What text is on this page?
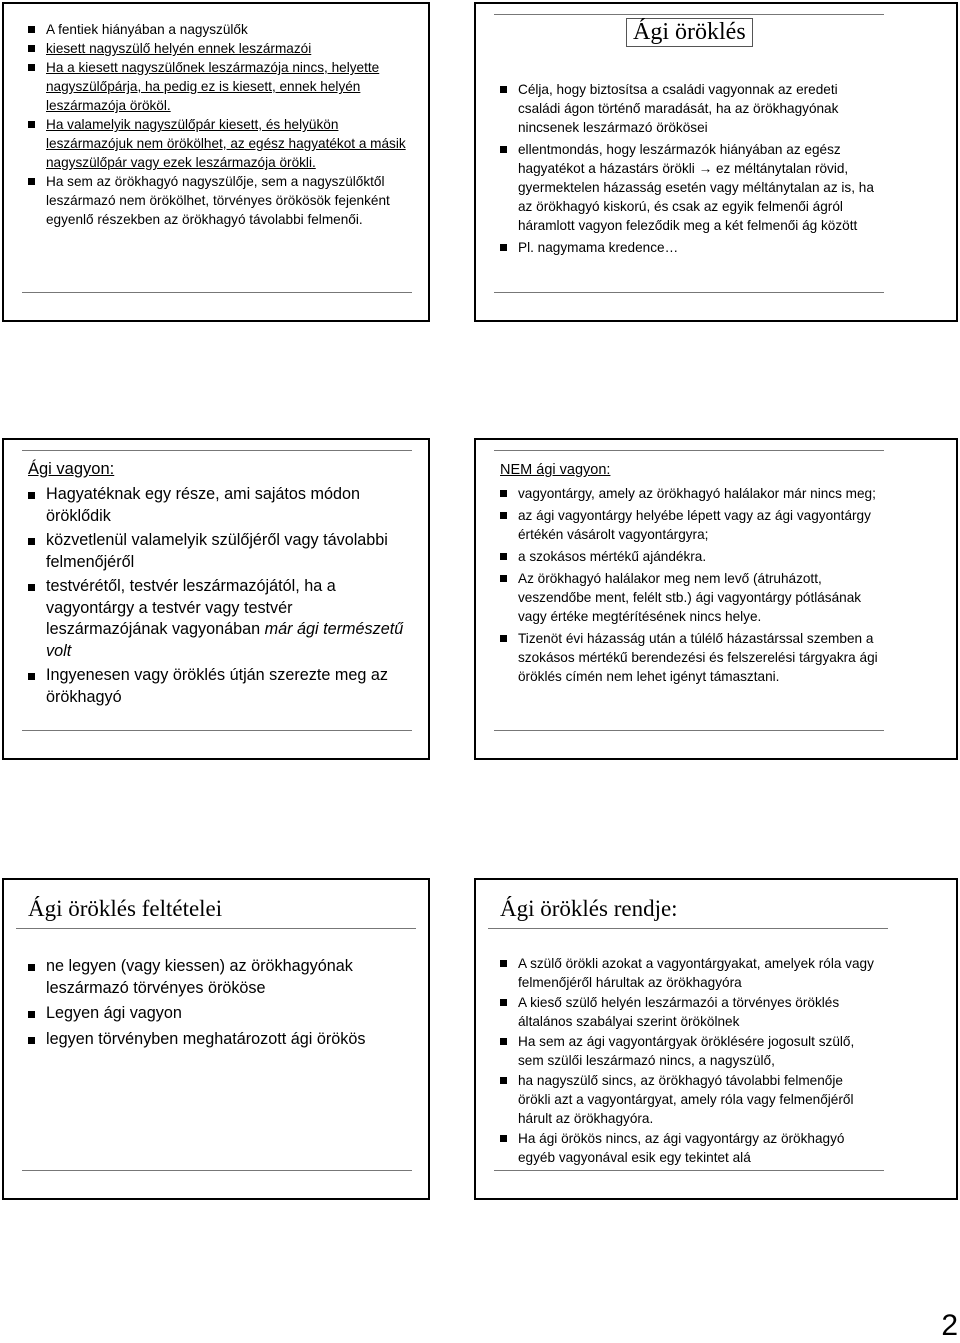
A fentiek hiányában a nagyszülők
kiesett nagyszülő helyén ennek leszármazói
Ha a kiesett nagyszülőnek leszármazója nincs, helyette nagyszülőpárja, ha pedig ez is kiesett, ennek helyén leszármazója örököl.
Ha valamelyik nagyszülőpár kiesett, és helyükön leszármazójuk nem örökölhet, az egész hagyatékot a másik nagyszülőpár vagy ezek leszármazója örökli.
Ha sem az örökhagyó nagyszülője, sem a nagyszülőktől leszármazó nem örökölhet, törvényes örökösök fejenként egyenlő részekben az örökhagyó távolabbi felmenői.
Ági öröklés
Célja, hogy biztosítsa a családi vagyonnak az eredeti családi ágon történő maradását, ha az örökhagyónak nincsenek leszármazó örökösei
ellentmondás, hogy leszármazók hiányában az egész hagyatékot a házastárs örökli → ez méltánytalan rövid, gyermektelen házasság esetén vagy méltánytalan az is, ha az örökhagyó kiskorú, és csak az egyik felmenői ágról háramlott vagyon feleződik meg a két felmenői ág között
Pl. nagymama kredence…
Ági vagyon:
Hagyatéknak egy része, ami sajátos módon öröklődik
közvetlenül valamelyik szülőjéről vagy távolabbi felmenőjéről
testvérétől, testvér leszármazójától, ha a vagyontárgy a testvér vagy testvér leszármazójának vagyonában már ági természetű volt
Ingyenesen vagy öröklés útján szerezte meg az örökhagyó
NEM ági vagyon:
vagyontárgy, amely az örökhagyó halálakor már nincs meg;
az ági vagyontárgy helyébe lépett vagy az ági vagyontárgy értékén vásárolt vagyontárgyra;
a szokásos mértékű ajándékra.
Az örökhagyó halálakor meg nem levő (átruházott, veszendőbe ment, felélt stb.) ági vagyontárgy pótlásának vagy értéke megtérítésének nincs helye.
Tizenöt évi házasság után a túlélő házastárssal szemben a szokásos mértékű berendezési és felszerelési tárgyakra ági öröklés címén nem lehet igényt támasztani.
Ági öröklés feltételei
ne legyen (vagy kiessen) az örökhagyónak leszármazó törvényes örököse
Legyen ági vagyon
legyen törvényben meghatározott ági örökös
Ági öröklés rendje:
A szülő örökli azokat a vagyontárgyakat, amelyek róla vagy felmenőjéről hárultak az örökhagyóra
A kieső szülő helyén leszármazói a törvényes öröklés általános szabályai szerint örökölnek
Ha sem az ági vagyontárgyak öröklésére jogosult szülő, sem szülői leszármazó nincs, a nagyszülő,
ha nagyszülő sincs, az örökhagyó távolabbi felmenője örökli azt a vagyontárgyat, amely róla vagy felmenőjéről hárult az örökhagyóra.
Ha ági örökös nincs, az ági vagyontárgy az örökhagyó egyéb vagyonával esik egy tekintet alá
2
